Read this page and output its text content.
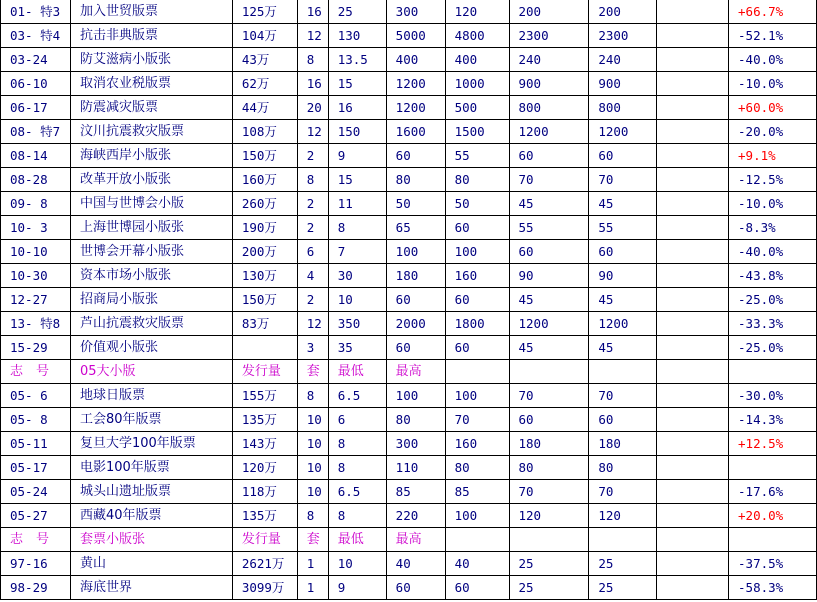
01- 特3	加入世贸版票	125万	16	25	300	120	200	200		+66.7%
03- 特4	抗击非典版票	104万	12	130	5000	4800	2300	2300		-52.1%
03-24	防艾滋病小版张	43万	8	13.5	400	400	240	240		-40.0%
06-10	取消农业税版票	62万	16	15	1200	1000	900	900		-10.0%
06-17	防震减灾版票	44万	20	16	1200	500	800	800		+60.0%
08- 特7	汶川抗震救灾版票	108万	12	150	1600	1500	1200	1200		-20.0%
08-14	海峡西岸小版张	150万	2	9	60	55	60	60		+9.1%
08-28	改革开放小版张	160万	8	15	80	80	70	70		-12.5%
09- 8	中国与世博会小版	260万	2	11	50	50	45	45		-10.0%
10- 3	上海世博园小版张	190万	2	8	65	60	55	55		-8.3%
10-10	世博会开幕小版张	200万	6	7	100	100	60	60		-40.0%
10-30	资本市场小版张	130万	4	30	180	160	90	90		-43.8%
12-27	招商局小版张	150万	2	10	60	60	45	45		-25.0%
13- 特8	芦山抗震救灾版票	83万	12	350	2000	1800	1200	1200		-33.3%
15-29	价值观小版张		3	35	60	60	45	45		-25.0%
志　号	05大小版	发行量	套	最低	最高					
05- 6	地球日版票	155万	8	6.5	100	100	70	70		-30.0%
05- 8	工会80年版票	135万	10	6	80	70	60	60		-14.3%
05-11	复旦大学100年版票	143万	10	8	300	160	180	180		+12.5%
05-17	电影100年版票	120万	10	8	110	80	80	80		
05-24	城头山遗址版票	118万	10	6.5	85	85	70	70		-17.6%
05-27	西藏40年版票	135万	8	8	220	100	120	120		+20.0%
志　号	套票小版张	发行量	套	最低	最高					
97-16	黄山	2621万	1	10	40	40	25	25		-37.5%
98-29	海底世界	3099万	1	9	60	60	25	25		-58.3%
